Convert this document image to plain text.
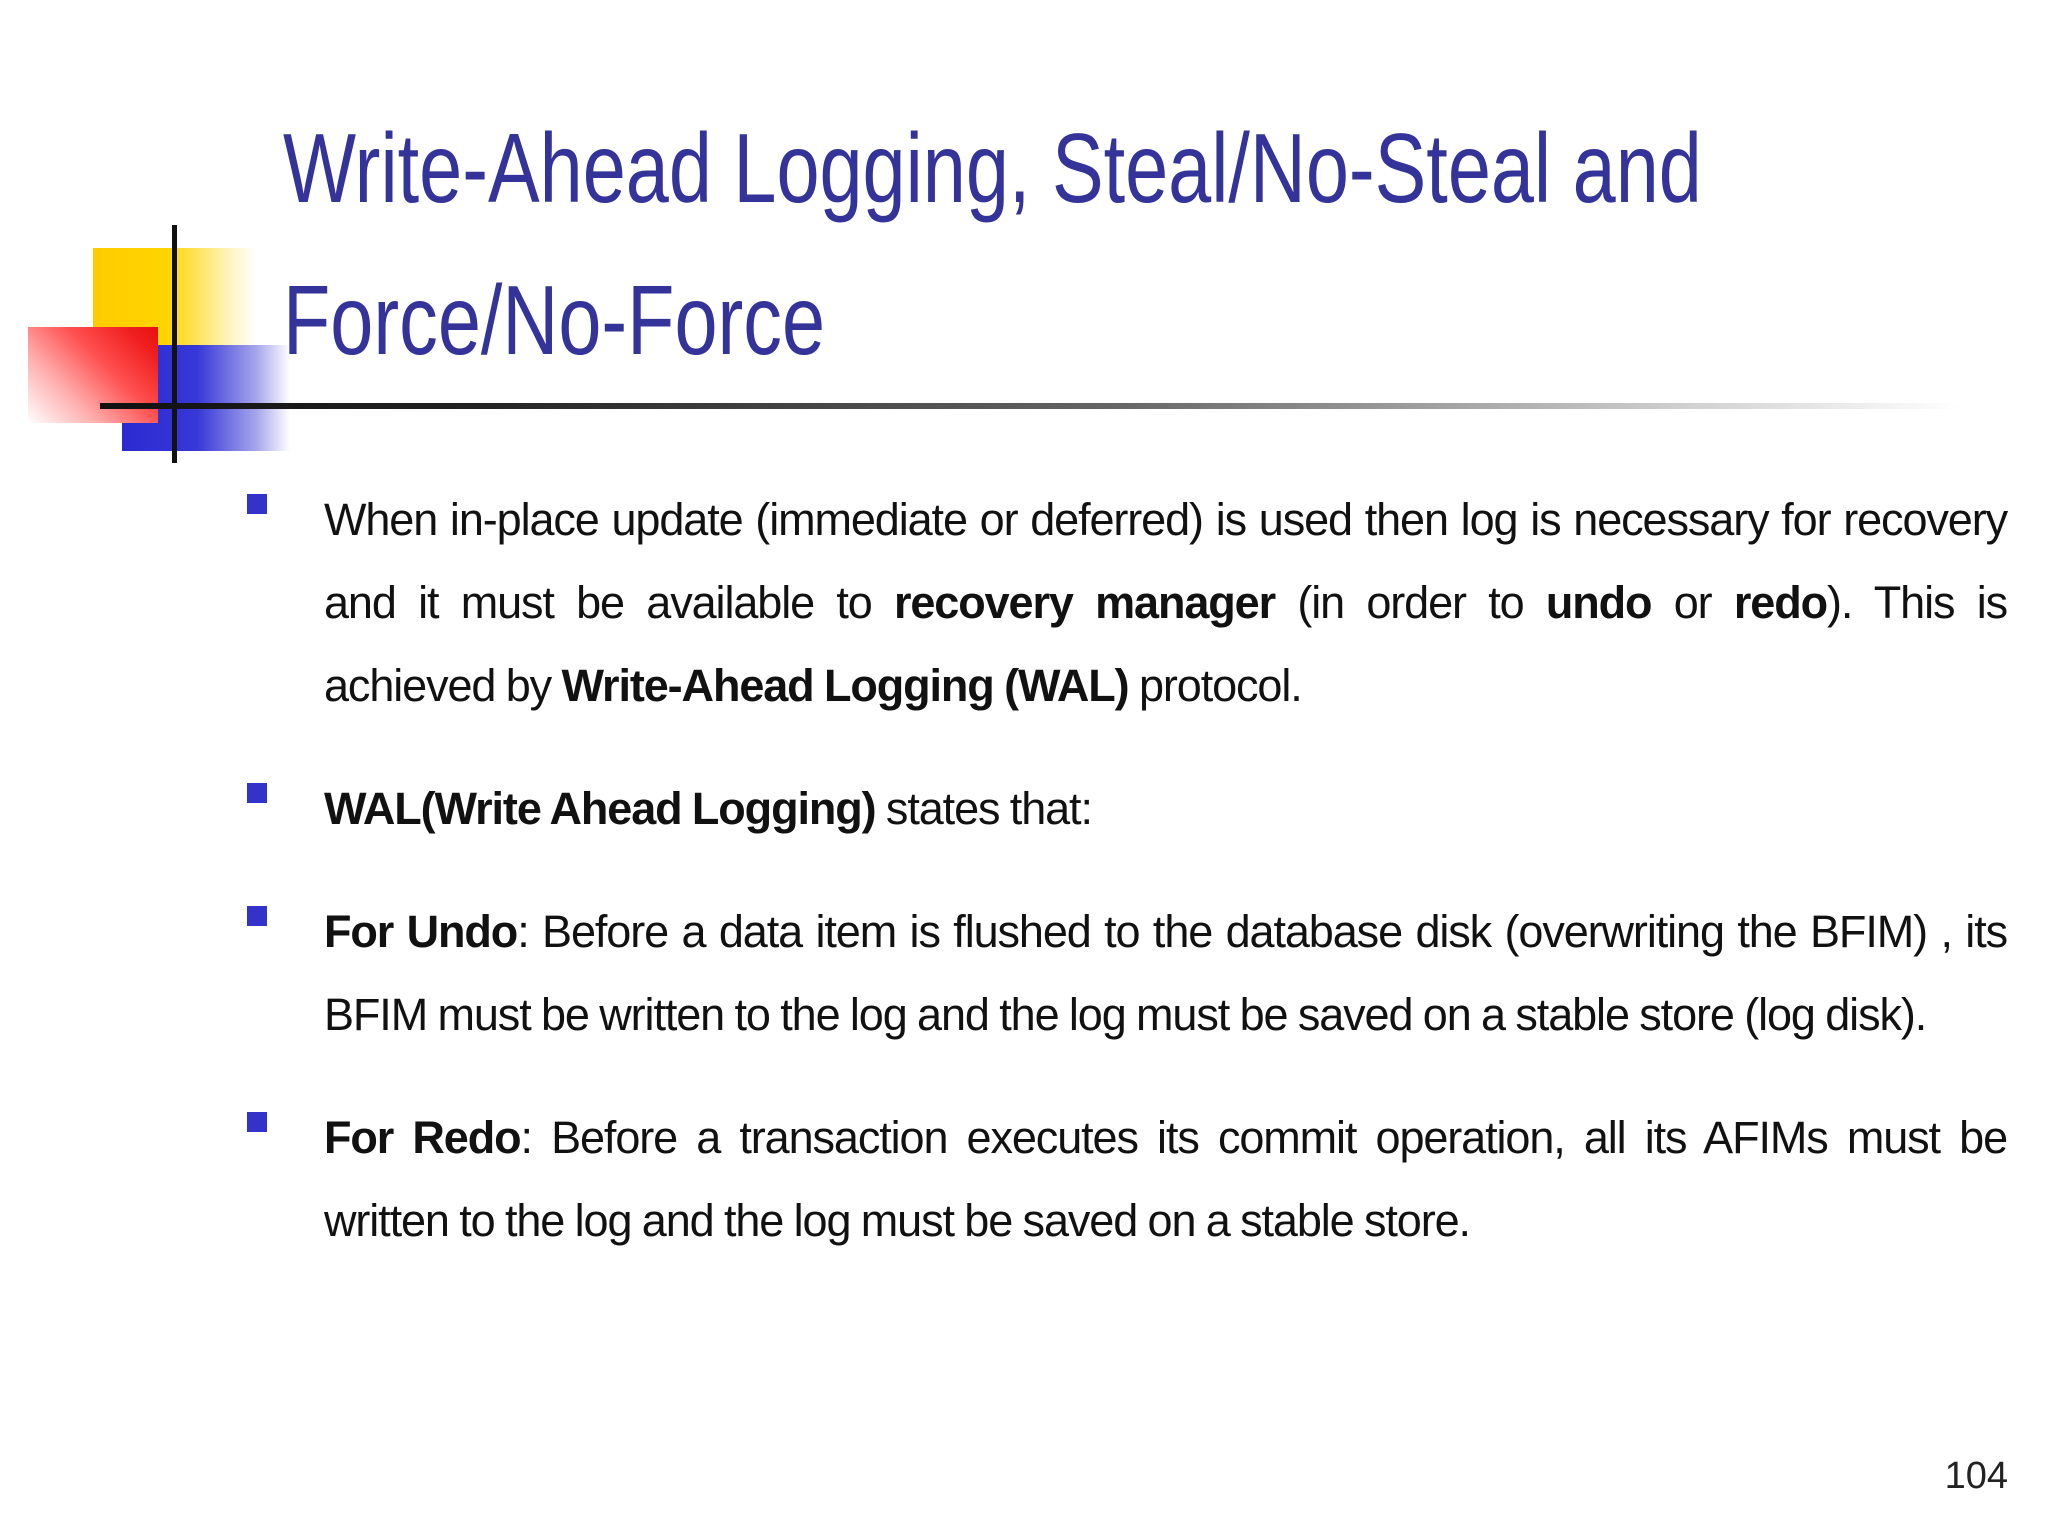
Write-Ahead Logging, Steal/No-Steal and
Force/No-Force
When in-place update (immediate or deferred) is used then log is necessary for recovery and it must be available to recovery manager (in order to undo or redo). This is achieved by Write-Ahead Logging (WAL) protocol.
WAL(Write Ahead Logging) states that:
For Undo: Before a data item is flushed to the database disk (overwriting the BFIM) , its BFIM must be written to the log and the log must be saved on a stable store (log disk).
For Redo: Before a transaction executes its commit operation, all its AFIMs must be written to the log and the log must be saved on a stable store.
104
